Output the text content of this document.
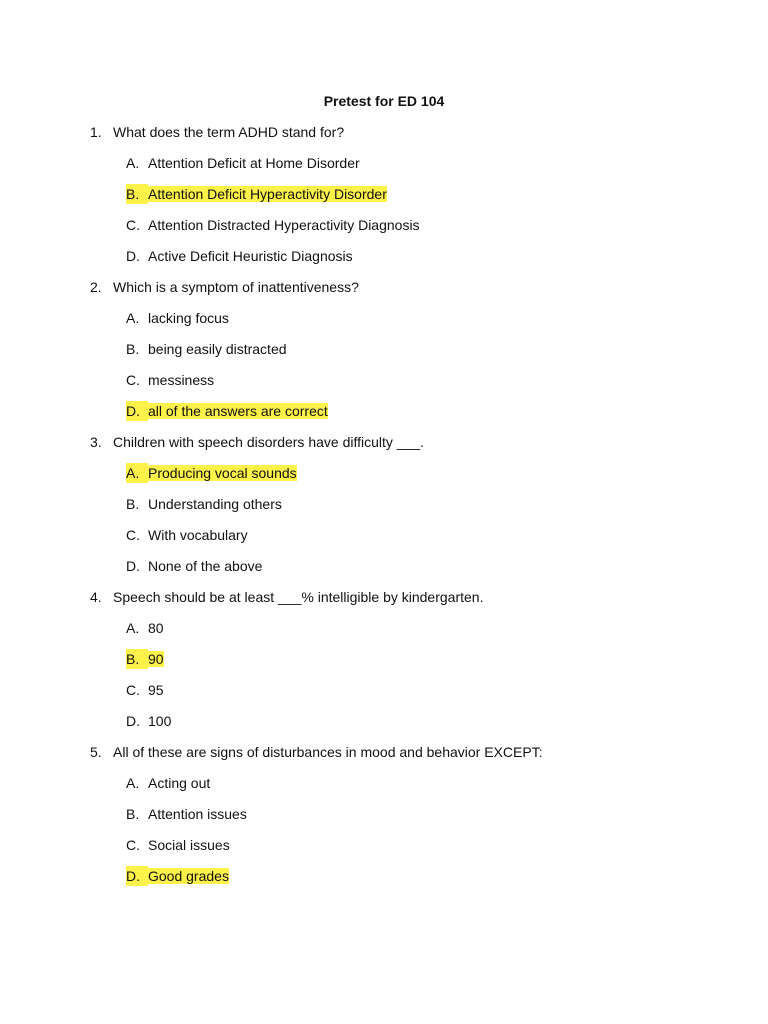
Pretest for ED 104
1. What does the term ADHD stand for?
A. Attention Deficit at Home Disorder
B. Attention Deficit Hyperactivity Disorder
C. Attention Distracted Hyperactivity Diagnosis
D. Active Deficit Heuristic Diagnosis
2. Which is a symptom of inattentiveness?
A. lacking focus
B. being easily distracted
C. messiness
D. all of the answers are correct
3. Children with speech disorders have difficulty ___.
A. Producing vocal sounds
B. Understanding others
C. With vocabulary
D. None of the above
4. Speech should be at least ___% intelligible by kindergarten.
A. 80
B. 90
C. 95
D. 100
5. All of these are signs of disturbances in mood and behavior EXCEPT:
A. Acting out
B. Attention issues
C. Social issues
D. Good grades
